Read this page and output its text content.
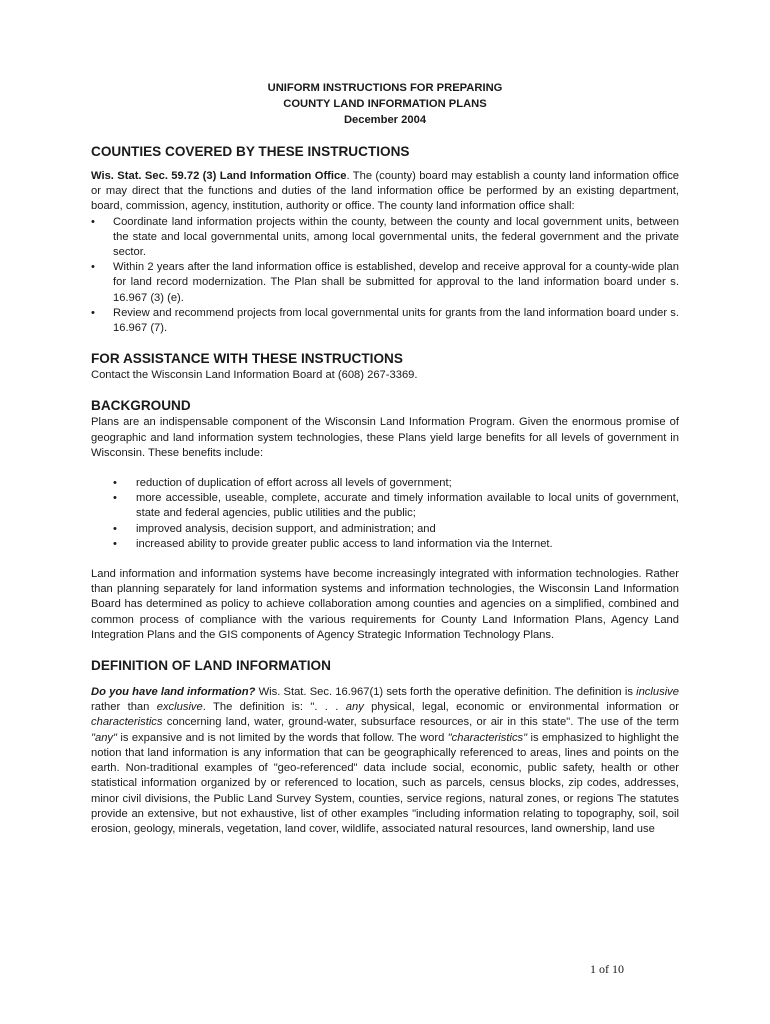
UNIFORM INSTRUCTIONS FOR PREPARING
COUNTY LAND INFORMATION PLANS
December 2004
COUNTIES COVERED BY THESE INSTRUCTIONS

Wis. Stat. Sec. 59.72 (3) Land Information Office. The (county) board may establish a county land information office or may direct that the functions and duties of the land information office be performed by an existing department, board, commission, agency, institution, authority or office. The county land information office shall:

• Coordinate land information projects within the county, between the county and local government units, between the state and local governmental units, among local governmental units, the federal government and the private sector.
• Within 2 years after the land information office is established, develop and receive approval for a county-wide plan for land record modernization. The Plan shall be submitted for approval to the land information board under s. 16.967 (3) (e).
• Review and recommend projects from local governmental units for grants from the land information board under s. 16.967 (7).
FOR ASSISTANCE WITH THESE INSTRUCTIONS

Contact the Wisconsin Land Information Board at (608) 267-3369.

BACKGROUND

Plans are an indispensable component of the Wisconsin Land Information Program. Given the enormous promise of geographic and land information system technologies, these Plans yield large benefits for all levels of government in Wisconsin. These benefits include:

• reduction of duplication of effort across all levels of government;
• more accessible, useable, complete, accurate and timely information available to local units of government, state and federal agencies, public utilities and the public;
• improved analysis, decision support, and administration; and
• increased ability to provide greater public access to land information via the Internet.

Land information and information systems have become increasingly integrated with information technologies. Rather than planning separately for land information systems and information technologies, the Wisconsin Land Information Board has determined as policy to achieve collaboration among counties and agencies on a simplified, combined and common process of compliance with the various requirements for County Land Information Plans, Agency Land Integration Plans and the GIS components of Agency Strategic Information Technology Plans.

DEFINITION OF LAND INFORMATION

Do you have land information? Wis. Stat. Sec. 16.967(1) sets forth the operative definition. The definition is inclusive rather than exclusive. The definition is: ". . . any physical, legal, economic or environmental information or characteristics concerning land, water, ground-water, subsurface resources, or air in this state". The use of the term "any" is expansive and is not limited by the words that follow. The word "characteristics" is emphasized to highlight the notion that land information is any information that can be geographically referenced to areas, lines and points on the earth. Non-traditional examples of "geo-referenced" data include social, economic, public safety, health or other statistical information organized by or referenced to location, such as parcels, census blocks, zip codes, addresses, minor civil divisions, the Public Land Survey System, counties, service regions, natural zones, or regions The statutes provide an extensive, but not exhaustive, list of other examples "including information relating to topography, soil, soil erosion, geology, minerals, vegetation, land cover, wildlife, associated natural resources, land ownership, land use

1 of 10
